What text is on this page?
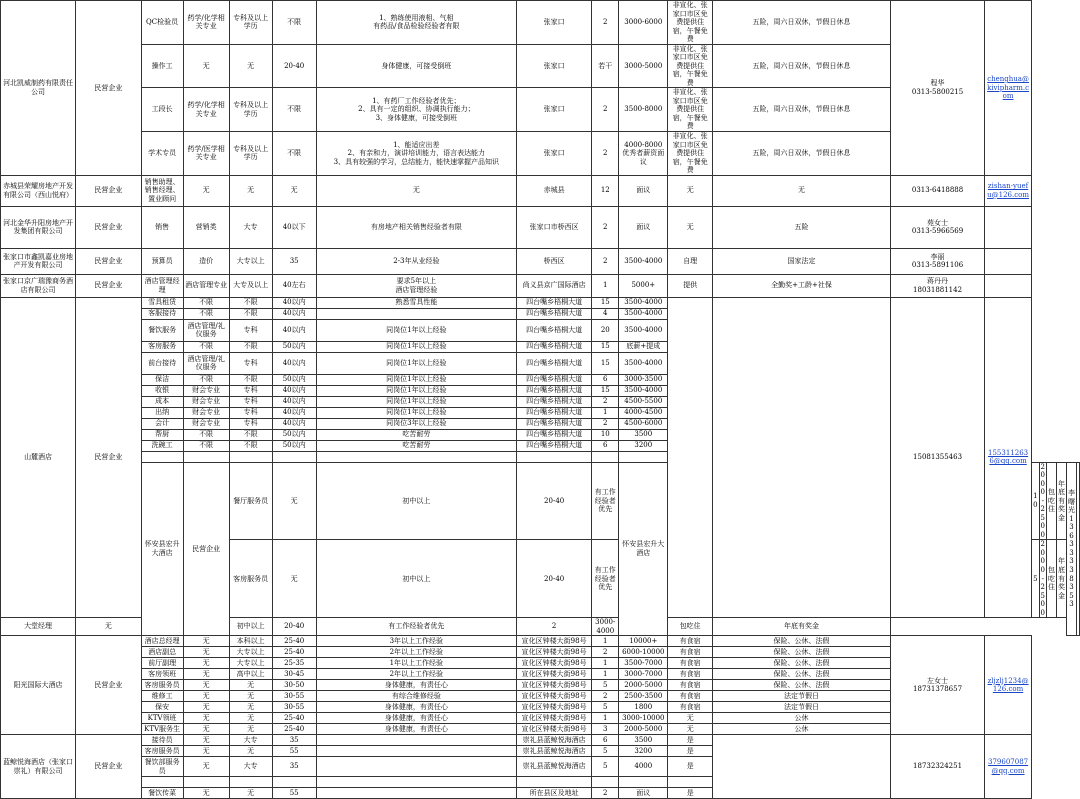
河北凯威制药有限责任公司	民营企业	QC检验员	药学/化学相关专业	专科及以上学历	不限	1、熟练使用液相、气相
有药品/食品检验经验者有限	张家口	2	3000-6000	非宣化、张家口市区免费提供住宿，午餐免费	五险，周六日双休，节假日休息	程华
0313-5800215	chenghua@kivipharm.com						
		操作工	无	无	20-40	身体健康，可接受倒班	张家口	若干	3000-5000	非宣化、张家口市区免费提供住宿，午餐免费	五险，周六日双休，节假日休息								
		工段长	药学/化学相关专业	专科及以上学历	不限	1、有药厂工作经验者优先；
2、具有一定的组织、协调执行能力；
3、身体健康，可接受倒班	张家口	2	3500-8000	非宣化、张家口市区免费提供住宿，午餐免费	五险，周六日双休，节假日休息								
		学术专员	药学/医学相关专业	专科及以上学历	不限	1、能适应出差
2、有亲和力，演讲培训能力，语言表达能力
3、具有较强的学习，总结能力，能快速掌握产品知识	张家口	2	4000-8000
优秀者薪资面议	非宣化、张家口市区免费提供住宿，午餐免费	五险，周六日双休，节假日休息								
赤城县荣耀房地产开发有限公司（西山悦府）	民营企业	销售助理、销售经理、置业顾问	无	无	无	无	赤城县	12	面议	无	无	0313-6418888	zishan-yuefu@126.com						
河北金华升阳房地产开发集团有限公司	民营企业	销售	营销类	大专	40以下	有房地产相关销售经验者有限	张家口市桥西区	2	面议	无	五险	苑女士
0313-5966569							
张家口市鑫凯嘉业房地产开发有限公司	民营企业	预算员	造价	大专以上	35	2-3年从业经验	桥西区	2	3500-4000	自理	国家法定	李丽
0313-5891106							
张家口京广瑞豫商务酒店有限公司	民营企业	酒店管理经理	酒店管理专业	大专及以上	40左右	要求5年以上
酒店管理经验	尚义县京广国际酒店	1	5000+	提供	全勤奖+工龄+社保	蒋丹丹
18031881142							
山麓酒店	民营企业	雪具租赁	不限	不限	40以内	熟悉雪具性能	四台嘴乡梧桐大道	15	3500-4000			15081355463	1553112636@qq.com						
		客服接待	不限	不限	40以内		四台嘴乡梧桐大道	4	3500-4000										
		餐饮服务	酒店管理/礼仪服务	专科	40以内	同岗位1年以上经验	四台嘴乡梧桐大道	20	3500-4000										
		客房服务	不限	不限	50以内	同岗位1年以上经验	四台嘴乡梧桐大道	15	底薪+提成										
		前台接待	酒店管理/礼仪服务	专科	40以内	同岗位1年以上经验	四台嘴乡梧桐大道	15	3500-4000										
		保洁	不限	不限	50以内	同岗位1年以上经验	四台嘴乡梧桐大道	6	3000-3500										
		收银	财会专业	专科	40以内	同岗位1年以上经验	四台嘴乡梧桐大道	15	3500-4000										
		成本	财会专业	专科	40以内	同岗位1年以上经验	四台嘴乡梧桐大道	2	4500-5500										
		出纳	财会专业	专科	40以内	同岗位1年以上经验	四台嘴乡梧桐大道	1	4000-4500										
		会计	财会专业	专科	40以内	同岗位3年以上经验	四台嘴乡梧桐大道	2	4500-6000										
		帮厨	不限	不限	50以内	吃苦耐劳	四台嘴乡梧桐大道	10	3500										
		洗碗工	不限	不限	50以内	吃苦耐劳	四台嘴乡梧桐大道	6	3200										

		怀安县宏升大酒店	民营企业	餐厅服务员	无	初中以上	20-40	有工作经验者优先	怀安县宏升大酒店					10	2000-2500	包吃住	年底有奖金	李曙光
13633338353	
				客房服务员	无	初中以上	20-40	有工作经验者优先						5	2000-2500	包吃住	年底有奖金		
大堂经理	无			初中以上	20-40	有工作经验者优先	2	3000-4000		包吃住	年底有奖金								
阳光国际大酒店	民营企业	酒店总经理	无	本科以上	25-40	3年以上工作经验	宣化区钟楼大街98号	1	10000+	有食宿	保险、公休、法假	左女士
18731378657	zljzlj1234@126.com						
		酒店副总	无	大专以上	25-40	2年以上工作经验	宣化区钟楼大街98号	2	6000-10000	有食宿	保险、公休、法假								
		前厅副理	无	大专以上	25-35	1年以上工作经验	宣化区钟楼大街98号	1	3500-7000	有食宿	保险、公休、法假								
		客房领班	无	高中以上	30-45	2年以上工作经验	宣化区钟楼大街98号	1	3000-7000	有食宿	保险、公休、法假								
		客房服务员	无	无	30-50	身体健康，有责任心	宣化区钟楼大街98号	5	2000-5000	有食宿	保险、公休、法假								
		维修工	无	无	30-55	有综合维修经验	宣化区钟楼大街98号	2	2500-3500	有食宿	法定节假日								
		保安	无	无	30-55	身体健康，有责任心	宣化区钟楼大街98号	5	1800	有食宿	法定节假日								
		KTV领班	无	无	25-40	身体健康，有责任心	宣化区钟楼大街98号	1	3000-10000	无	公休								
		KTV服务生	无	无	25-40	身体健康，有责任心	宣化区钟楼大街98号	3	2000-5000	无	公休								
蓝鲸悦海酒店（张家口崇礼）有限公司	民营企业	接待员	无	大专	35		崇礼县蓝鲸悦海酒店	6	3500	是		18732324251	379607087@qq.com						
		客房服务员	无	无	55		崇礼县蓝鲸悦海酒店	5	3200	是									
		餐饮部服务员	无	大专	35		崇礼县蓝鲸悦海酒店	5	4000	是									

		餐饮传菜	无	无	55		所在县区及地址	2	面议	是									
